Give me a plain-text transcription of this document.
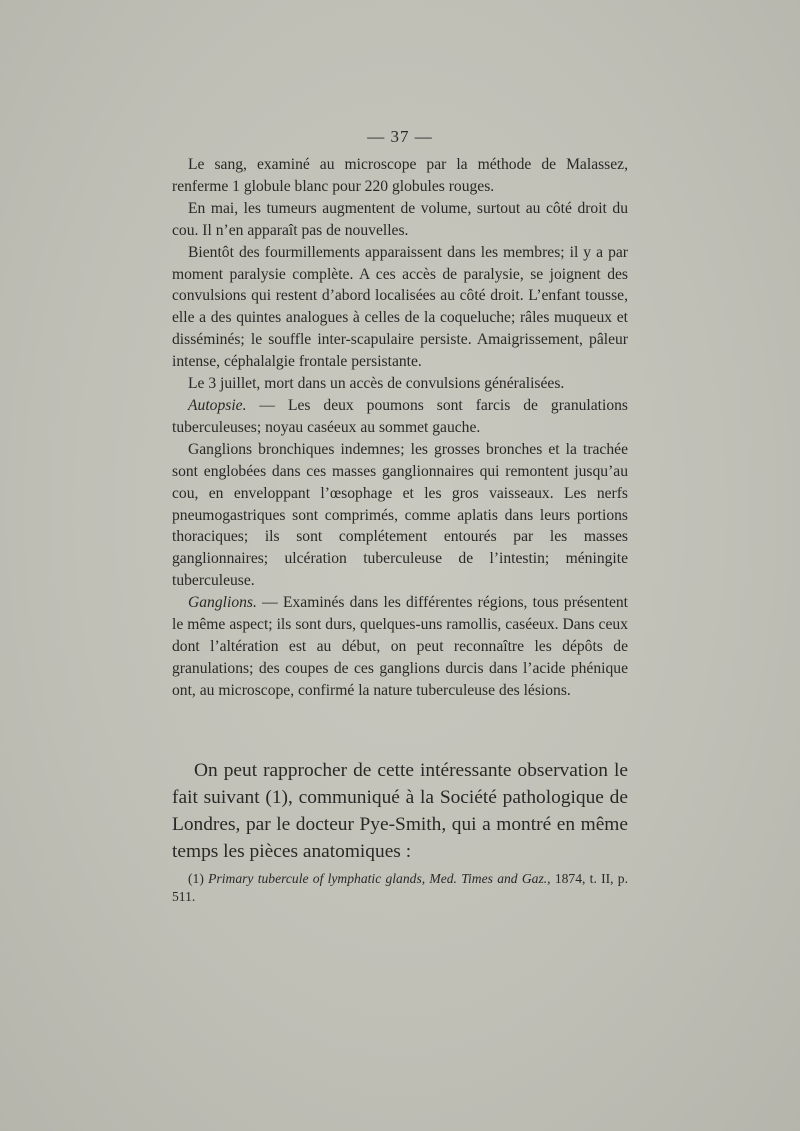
— 37 —

Le sang, examiné au microscope par la méthode de Malassez, renferme 1 globule blanc pour 220 globules rouges.

En mai, les tumeurs augmentent de volume, surtout au côté droit du cou. Il n’en apparaît pas de nouvelles.

Bientôt des fourmillements apparaissent dans les membres; il y a par moment paralysie complète. A ces accès de paralysie, se joignent des convulsions qui restent d’abord localisées au côté droit. L’enfant tousse, elle a des quintes analogues à celles de la coqueluche; râles muqueux et disséminés; le souffle inter-scapulaire persiste. Amaigrissement, pâleur intense, céphalalgie frontale persistante.

Le 3 juillet, mort dans un accès de convulsions généralisées.

Autopsie. — Les deux poumons sont farcis de granulations tuberculeuses; noyau caséeux au sommet gauche.

Ganglions bronchiques indemnes; les grosses bronches et la trachée sont englobées dans ces masses ganglionnaires qui remontent jusqu’au cou, en enveloppant l’œsophage et les gros vaisseaux. Les nerfs pneumogastriques sont comprimés, comme aplatis dans leurs portions thoraciques; ils sont complétement entourés par les masses ganglionnaires; ulcération tuberculeuse de l’intestin; méningite tuberculeuse.

Ganglions. — Examinés dans les différentes régions, tous présentent le même aspect; ils sont durs, quelques-uns ramollis, caséeux. Dans ceux dont l’altération est au début, on peut reconnaître les dépôts de granulations; des coupes de ces ganglions durcis dans l’acide phénique ont, au microscope, confirmé la nature tuberculeuse des lésions.

On peut rapprocher de cette intéressante observation le fait suivant (1), communiqué à la Société pathologique de Londres, par le docteur Pye-Smith, qui a montré en même temps les pièces anatomiques :

(1) Primary tubercule of lymphatic glands, Med. Times and Gaz., 1874, t. II, p. 511.
